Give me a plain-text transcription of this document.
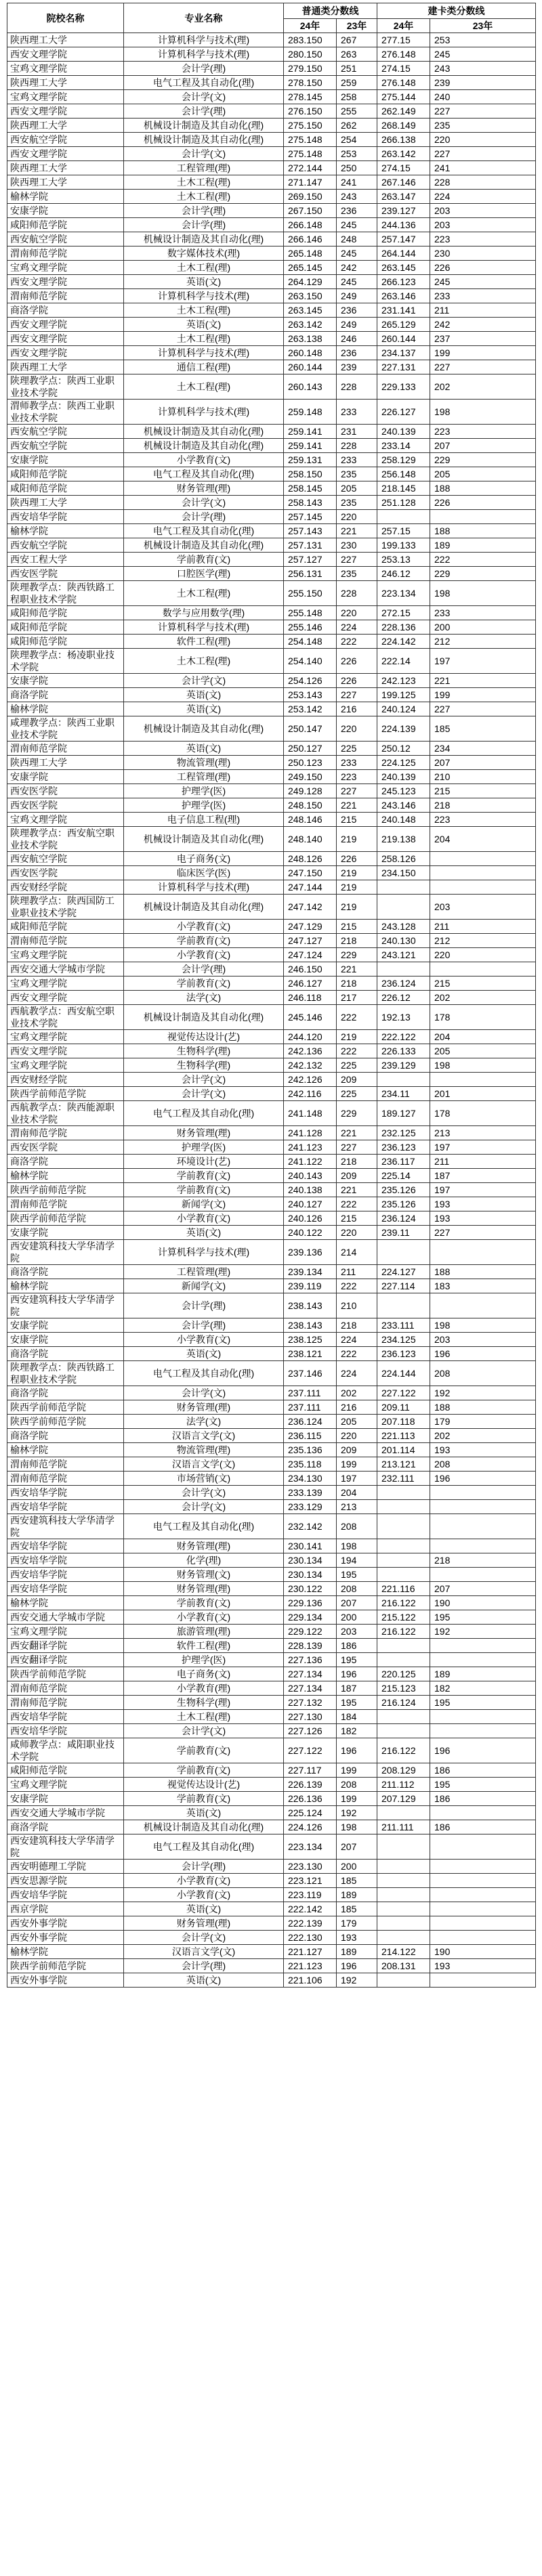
院校名称	专业名称	普通类分数线		建卡类分数线	
		24年	23年	24年	23年
陕西理工大学	计算机科学与技术(理)	283.150	267	277.15	253
西安文理学院	计算机科学与技术(理)	280.150	263	276.148	245
宝鸡文理学院	会计学(理)	279.150	251	274.15	243
陕西理工大学	电气工程及其自动化(理)	278.150	259	276.148	239
宝鸡文理学院	会计学(文)	278.145	258	275.144	240
西安文理学院	会计学(理)	276.150	255	262.149	227
陕西理工大学	机械设计制造及其自动化(理)	275.150	262	268.149	235
西安航空学院	机械设计制造及其自动化(理)	275.148	254	266.138	220
西安文理学院	会计学(文)	275.148	253	263.142	227
陕西理工大学	工程管理(理)	272.144	250	274.15	241
陕西理工大学	土木工程(理)	271.147	241	267.146	228
榆林学院	土木工程(理)	269.150	243	263.147	224
安康学院	会计学(理)	267.150	236	239.127	203
咸阳师范学院	会计学(理)	266.148	245	244.136	203
西安航空学院	机械设计制造及其自动化(理)	266.146	248	257.147	223
渭南师范学院	数字媒体技术(理)	265.148	245	264.144	230
宝鸡文理学院	土木工程(理)	265.145	242	263.145	226
西安文理学院	英语(文)	264.129	245	266.123	245
渭南师范学院	计算机科学与技术(理)	263.150	249	263.146	233
商洛学院	土木工程(理)	263.145	236	231.141	211
西安文理学院	英语(文)	263.142	249	265.129	242
西安文理学院	土木工程(理)	263.138	246	260.144	237
西安文理学院	计算机科学与技术(理)	260.148	236	234.137	199
陕西理工大学	通信工程(理)	260.144	239	227.131	227
陕理教学点：陕西工业职业技术学院	土木工程(理)	260.143	228	229.133	202
渭师教学点：陕西工业职业技术学院	计算机科学与技术(理)	259.148	233	226.127	198
西安航空学院	机械设计制造及其自动化(理)	259.141	231	240.139	223
西安航空学院	机械设计制造及其自动化(理)	259.141	228	233.14	207
安康学院	小学教育(文)	259.131	233	258.129	229
咸阳师范学院	电气工程及其自动化(理)	258.150	235	256.148	205
咸阳师范学院	财务管理(理)	258.145	205	218.145	188
陕西理工大学	会计学(文)	258.143	235	251.128	226
西安培华学院	会计学(理)	257.145	220		
榆林学院	电气工程及其自动化(理)	257.143	221	257.15	188
西安航空学院	机械设计制造及其自动化(理)	257.131	230	199.133	189
西安工程大学	学前教育(文)	257.127	227	253.13	222
西安医学院	口腔医学(理)	256.131	235	246.12	229
陕理教学点：陕西铁路工程职业技术学院	土木工程(理)	255.150	228	223.134	198
咸阳师范学院	数学与应用数学(理)	255.148	220	272.15	233
咸阳师范学院	计算机科学与技术(理)	255.146	224	228.136	200
咸阳师范学院	软件工程(理)	254.148	222	224.142	212
陕理教学点：杨凌职业技术学院	土木工程(理)	254.140	226	222.14	197
安康学院	会计学(文)	254.126	226	242.123	221
商洛学院	英语(文)	253.143	227	199.125	199
榆林学院	英语(文)	253.142	216	240.124	227
咸理教学点：陕西工业职业技术学院	机械设计制造及其自动化(理)	250.147	220	224.139	185
渭南师范学院	英语(文)	250.127	225	250.12	234
陕西理工大学	物流管理(理)	250.123	233	224.125	207
安康学院	工程管理(理)	249.150	223	240.139	210
西安医学院	护理学(医)	249.128	227	245.123	215
西安医学院	护理学(医)	248.150	221	243.146	218
宝鸡文理学院	电子信息工程(理)	248.146	215	240.148	223
陕理教学点：西安航空职业技术学院	机械设计制造及其自动化(理)	248.140	219	219.138	204
西安航空学院	电子商务(文)	248.126	226	258.126	
西安医学院	临床医学(医)	247.150	219	234.150	
西安财经学院	计算机科学与技术(理)	247.144	219		
陕理教学点：陕西国防工业职业技术学院	机械设计制造及其自动化(理)	247.142	219		203
咸阳师范学院	小学教育(文)	247.129	215	243.128	211
渭南师范学院	学前教育(文)	247.127	218	240.130	212
宝鸡文理学院	小学教育(文)	247.124	229	243.121	220
西安交通大学城市学院	会计学(理)	246.150	221		
宝鸡文理学院	学前教育(文)	246.127	218	236.124	215
西安文理学院	法学(文)	246.118	217	226.12	202
西航教学点：西安航空职业技术学院	机械设计制造及其自动化(理)	245.146	222	192.13	178
宝鸡文理学院	视觉传达设计(艺)	244.120	219	222.122	204
西安文理学院	生物科学(理)	242.136	222	226.133	205
宝鸡文理学院	生物科学(理)	242.132	225	239.129	198
西安财经学院	会计学(文)	242.126	209		
陕西学前师范学院	会计学(文)	242.116	225	234.11	201
西航教学点：陕西能源职业技术学院	电气工程及其自动化(理)	241.148	229	189.127	178
渭南师范学院	财务管理(理)	241.128	221	232.125	213
西安医学院	护理学(医)	241.123	227	236.123	197
商洛学院	环境设计(艺)	241.122	218	236.117	211
榆林学院	学前教育(文)	240.143	209	225.14	187
陕西学前师范学院	学前教育(文)	240.138	221	235.126	197
渭南师范学院	新闻学(文)	240.127	222	235.126	193
陕西学前师范学院	小学教育(文)	240.126	215	236.124	193
安康学院	英语(文)	240.122	220	239.11	227
西安建筑科技大学华清学院	计算机科学与技术(理)	239.136	214		
商洛学院	工程管理(理)	239.134	211	224.127	188
榆林学院	新闻学(文)	239.119	222	227.114	183
西安建筑科技大学华清学院	会计学(理)	238.143	210		
安康学院	会计学(理)	238.143	218	233.111	198
安康学院	小学教育(文)	238.125	224	234.125	203
商洛学院	英语(文)	238.121	222	236.123	196
陕理教学点：陕西铁路工程职业技术学院	电气工程及其自动化(理)	237.146	224	224.144	208
商洛学院	会计学(文)	237.111	202	227.122	192
陕西学前师范学院	财务管理(理)	237.111	216	209.11	188
陕西学前师范学院	法学(文)	236.124	205	207.118	179
商洛学院	汉语言文学(文)	236.115	220	221.113	202
榆林学院	物流管理(理)	235.136	209	201.114	193
渭南师范学院	汉语言文学(文)	235.118	199	213.121	208
渭南师范学院	市场营销(文)	234.130	197	232.111	196
西安培华学院	会计学(文)	233.139	204		
西安培华学院	会计学(文)	233.129	213		
西安建筑科技大学华清学院	电气工程及其自动化(理)	232.142	208		
西安培华学院	财务管理(理)	230.141	198		
西安培华学院	化学(理)	230.134	194		218
西安培华学院	财务管理(文)	230.134	195		
西安培华学院	财务管理(理)	230.122	208	221.116	207
榆林学院	学前教育(文)	229.136	207	216.122	190
西安交通大学城市学院	小学教育(文)	229.134	200	215.122	195
宝鸡文理学院	旅游管理(理)	229.122	203	216.122	192
西安翻译学院	软件工程(理)	228.139	186		
西安翻译学院	护理学(医)	227.136	195		
陕西学前师范学院	电子商务(文)	227.134	196	220.125	189
渭南师范学院	小学教育(理)	227.134	187	215.123	182
渭南师范学院	生物科学(理)	227.132	195	216.124	195
西安培华学院	土木工程(理)	227.130	184		
西安培华学院	会计学(文)	227.126	182		
咸师教学点：咸阳职业技术学院	学前教育(文)	227.122	196	216.122	196
咸阳师范学院	学前教育(文)	227.117	199	208.129	186
宝鸡文理学院	视觉传达设计(艺)	226.139	208	211.112	195
安康学院	学前教育(文)	226.136	199	207.129	186
西安交通大学城市学院	英语(文)	225.124	192		
商洛学院	机械设计制造及其自动化(理)	224.126	198	211.111	186
西安建筑科技大学华清学院	电气工程及其自动化(理)	223.134	207		
西安明德理工学院	会计学(理)	223.130	200		
西安思源学院	小学教育(文)	223.121	185		
西安培华学院	小学教育(文)	223.119	189		
西京学院	英语(文)	222.142	185		
西安外事学院	财务管理(理)	222.139	179		
西安外事学院	会计学(文)	222.130	193		
榆林学院	汉语言文学(文)	221.127	189	214.122	190
陕西学前师范学院	会计学(理)	221.123	196	208.131	193
西安外事学院	英语(文)	221.106	192		
